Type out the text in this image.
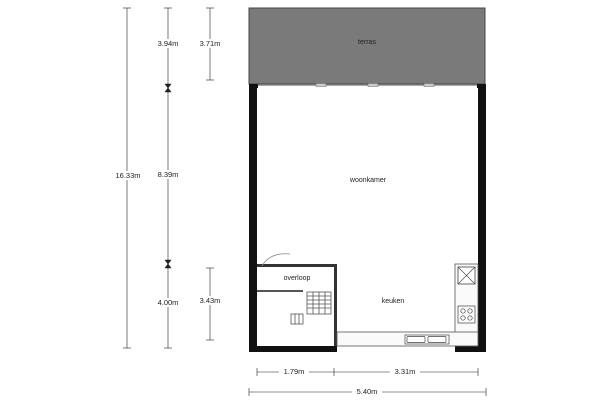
terras
overloop
woonkamer
keuken
16.33m
3.94m
8.39m
4.00m
3.71m
3.43m
1.79m	3.31m
5.40m
